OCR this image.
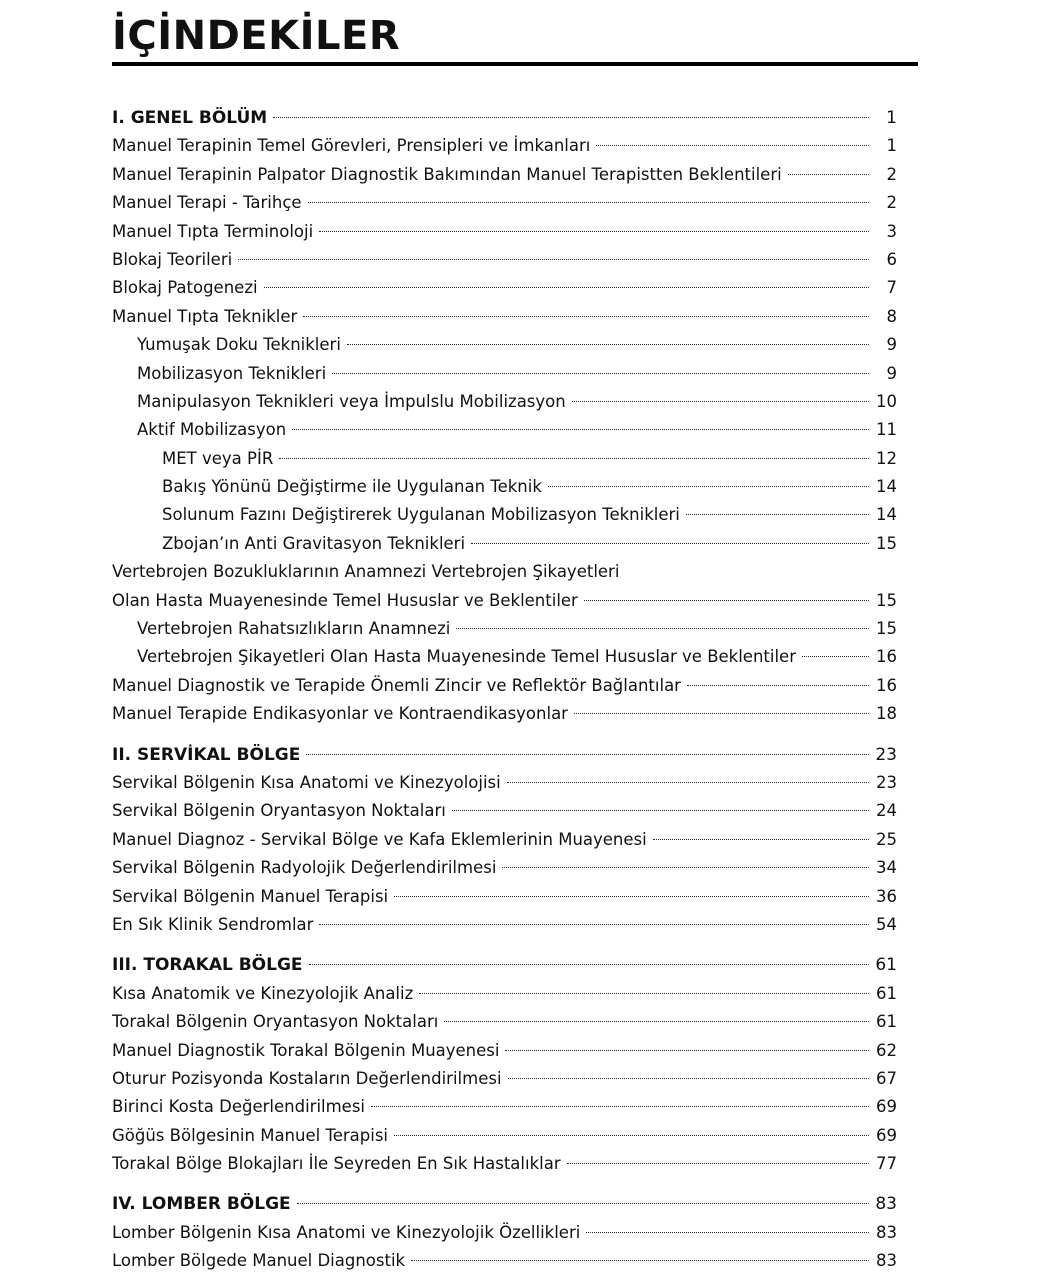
İÇİNDEKİLER
I. GENEL BÖLÜM	1
Manuel Terapinin Temel Görevleri, Prensipleri ve İmkanları	1
Manuel Terapinin Palpator Diagnostik Bakımından Manuel Terapistten Beklentileri	2
Manuel Terapi - Tarihçe	2
Manuel Tıpta Terminoloji	3
Blokaj Teorileri	6
Blokaj Patogenezi	7
Manuel Tıpta Teknikler	8
Yumuşak Doku Teknikleri	9
Mobilizasyon Teknikleri	9
Manipulasyon Teknikleri veya İmpulslu Mobilizasyon	10
Aktif Mobilizasyon	11
MET veya PİR	12
Bakış Yönünü Değiştirme ile Uygulanan Teknik	14
Solunum Fazını Değiştirerek Uygulanan Mobilizasyon Teknikleri	14
Zbojan’ın Anti Gravitasyon Teknikleri	15
Vertebrojen Bozukluklarının Anamnezi Vertebrojen Şikayetleri
Olan Hasta Muayenesinde Temel Hususlar ve Beklentiler	15
Vertebrojen Rahatsızlıkların Anamnezi	15
Vertebrojen Şikayetleri Olan Hasta Muayenesinde Temel Hususlar ve Beklentiler	16
Manuel Diagnostik ve Terapide Önemli Zincir ve Reflektör Bağlantılar	16
Manuel Terapide Endikasyonlar ve Kontraendikasyonlar	18
II. SERVİKAL BÖLGE	23
Servikal Bölgenin Kısa Anatomi ve Kinezyolojisi	23
Servikal Bölgenin Oryantasyon Noktaları	24
Manuel Diagnoz - Servikal Bölge ve Kafa Eklemlerinin Muayenesi	25
Servikal Bölgenin Radyolojik Değerlendirilmesi	34
Servikal Bölgenin Manuel Terapisi	36
En Sık Klinik Sendromlar	54
III. TORAKAL BÖLGE	61
Kısa Anatomik ve Kinezyolojik Analiz	61
Torakal Bölgenin Oryantasyon Noktaları	61
Manuel Diagnostik Torakal Bölgenin Muayenesi	62
Oturur Pozisyonda Kostaların Değerlendirilmesi	67
Birinci Kosta Değerlendirilmesi	69
Göğüs Bölgesinin Manuel Terapisi	69
Torakal Bölge Blokajları İle Seyreden En Sık Hastalıklar	77
IV. LOMBER BÖLGE	83
Lomber Bölgenin Kısa Anatomi ve Kinezyolojik Özellikleri	83
Lomber Bölgede Manuel Diagnostik	83
